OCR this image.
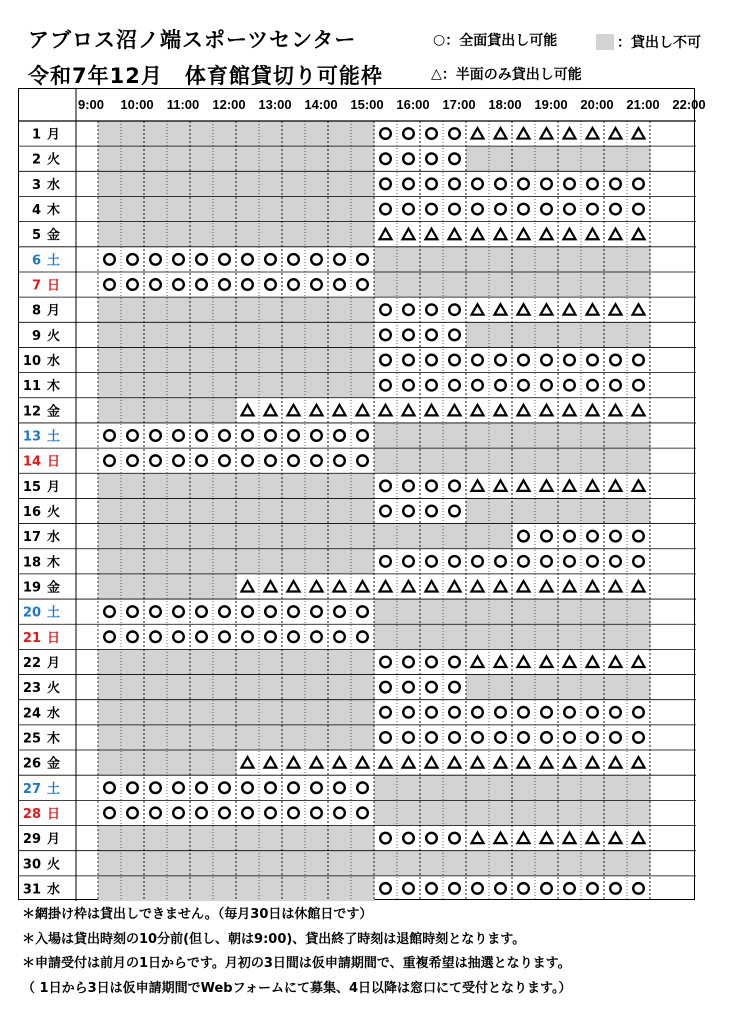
アブロス沼ノ端スポーツセンター
令和7年12月　体育館貸切り可能枠
○ ：全面貸出し可能	：貸出し不可
△ ：半面のみ貸出し可能
9:00 10:00 11:00 12:00 13:00 14:00 15:00 16:00 17:00 18:00 19:00 20:00 21:00 22:00
1 月
2 火
3 水
4 木
5 金
6 土
7 日
8 月
9 火
10 水
11 木
12 金
13 土
14 日
15 月
16 火
17 水
18 木
19 金
20 土
21 日
22 月
23 火
24 水
25 木
26 金
27 土
28 日
29 月
30 火
31 水
＊網掛け枠は貸出しできません。（毎月30日は休館日です）
＊入場は貸出時刻の10分前(但し、朝は9:00)、貸出終了時刻は退館時刻となります。
＊申請受付は前月の1日からです。月初の3日間は仮申請期間で、重複希望は抽選となります。
（ 1日から3日は仮申請期間でWebフォームにて募集、4日以降は窓口にて受付となります。）
